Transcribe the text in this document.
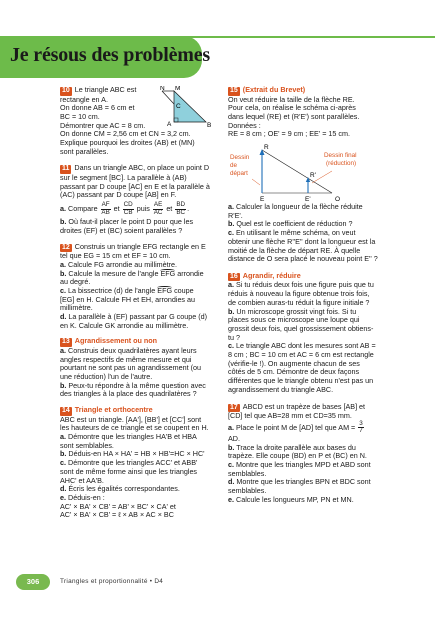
Je résous des problèmes

10 Le triangle ABC est

rectangle en A.

On donne AB = 6 cm et

BC = 10 cm.

Démontrer que AC = 8 cm.

N M
C
A	B

On donne CM = 2,56 cm et CN = 3,2 cm.

Explique pourquoi les droites (AB) et (MN)

sont parallèles.

11 Dans un triangle ABC, on place un point D sur le segment [BC]. La parallèle à (AB) passant par D coupe [AC] en E et la parallèle à (AC) passant par D coupe [AB] en F.

a. Compare $\frac{AF}{AB}$ et $\frac{CD}{CB}$ puis $\frac{AE}{AC}$ et $\frac{BD}{BC}$ .

b. Où faut-il placer le point D pour que les droites (EF) et (BC) soient parallèles ?

12 Construis un triangle EFG rectangle en E tel que EG = 15 cm et EF = 10 cm.

a. Calcule FG arrondie au millimètre.

b. Calcule la mesure de l'angle EFG arrondie au degré.

c. La bissectrice (d) de l'angle EFG coupe [EG] en H. Calcule FH et EH, arrondies au millimètre.

d. La parallèle à (EF) passant par G coupe (d) en K. Calcule GK arrondie au millimètre.

13 Agrandissement ou non

a. Construis deux quadrilatères ayant leurs angles respectifs de même mesure et qui pourtant ne sont pas un agrandissement (ou une réduction) l'un de l'autre.

b. Peux-tu répondre à la même question avec des triangles à la place des quadrilatères ?

14 Triangle et orthocentre

ABC est un triangle. [AA'], [BB'] et [CC'] sont les hauteurs de ce triangle et se coupent en H.

a. Démontre que les triangles HA'B et HBA sont semblables.

b. Déduis-en HA × HA' = HB × HB'=HC × HC'

c. Démontre que les triangles ACC' et ABB' sont de même forme ainsi que les triangles AHC' et AA'B.

d. Écris les égalités correspondantes.

e. Déduis-en :

AC' × BA' × CB' = AB' × BC' × CA' et

AC' × BA' × CB' = ℓ × AB × AC × BC

15 (Extrait du Brevet)

On veut réduire la taille de la flèche RE.

Pour cela, on réalise le schéma ci-après

dans lequel (RE) et (R'E') sont parallèles.

Données :

RE = 8 cm ; OE' = 9 cm ; EE' = 15 cm.

R
R'
E	E'	O
Dessin
de
départ
Dessin final
(réduction)

a. Calculer la longueur de la flèche réduite R'E'.

b. Quel est le coefficient de réduction ?

c. En utilisant le même schéma, on veut obtenir une flèche R''E'' dont la longueur est la moitié de la flèche de départ RE. À quelle distance de O sera placé le nouveau point E'' ?

16 Agrandir, réduire

a. Si tu réduis deux fois une figure puis que tu réduis à nouveau la figure obtenue trois fois, de combien auras-tu réduit la figure initiale ?

b. Un microscope grossit vingt fois. Si tu places sous ce microscope une loupe qui grossit deux fois, quel grossissement obtiens-tu ?

c. Le triangle ABC dont les mesures sont AB = 8 cm ; BC = 10 cm et AC = 6 cm est rectangle (vérifie-le !). On augmente chacun de ses côtés de 5 cm. Démontre de deux façons différentes que le triangle obtenu n'est pas un agrandissement du triangle ABC.

17 ABCD est un trapèze de bases [AB] et [CD] tel que AB=28 mm et CD=35 mm.

a. Place le point M de [AD] tel que AM = $\frac{3}{7}$
AD.

b. Trace la droite parallèle aux bases du trapèze. Elle coupe (BD) en P et (BC) en N.

c. Montre que les triangles MPD et ABD sont semblables.

d. Montre que les triangles BPN et BDC sont semblables.

e. Calcule les longueurs MP, PN et MN.

306	Triangles et proportionnalité • D4
